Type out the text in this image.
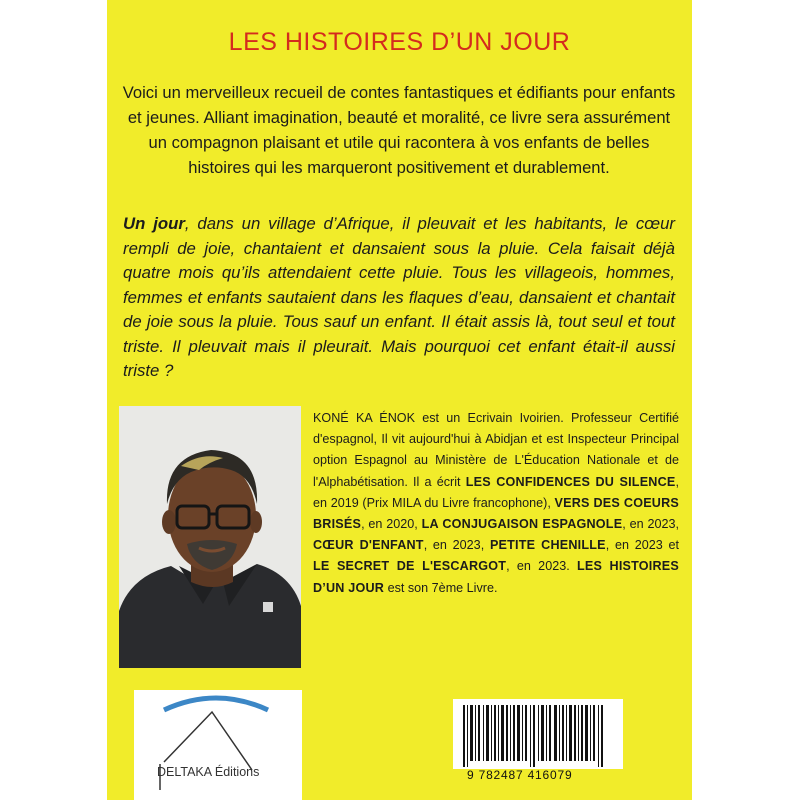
LES HISTOIRES D’UN JOUR
Voici un merveilleux recueil de contes fantastiques et édifiants pour enfants et jeunes. Alliant imagination, beauté et moralité, ce livre sera assurément un compagnon plaisant et utile qui racontera à vos enfants de belles histoires qui les marqueront positivement et durablement.
Un jour, dans un village d’Afrique, il pleuvait et les habitants, le cœur rempli de joie, chantaient et dansaient sous la pluie. Cela faisait déjà quatre mois qu’ils attendaient cette pluie. Tous les villageois, hommes, femmes et enfants sautaient dans les flaques d’eau, dansaient et chantait de joie sous la pluie. Tous sauf un enfant. Il était assis là, tout seul et tout triste. Il pleuvait mais il pleurait. Mais pourquoi cet enfant était-il aussi triste ?
KONÉ KA ÉNOK est un Ecrivain Ivoirien. Professeur Certifié d'espagnol, Il vit aujourd'hui à Abidjan et est Inspecteur Principal option Espagnol au Ministère de L'Éducation Nationale et de l'Alphabétisation. Il a écrit LES CONFIDENCES DU SILENCE, en 2019 (Prix MILA du Livre francophone), VERS DES COEURS BRISÉS, en 2020, LA CONJUGAISON ESPAGNOLE, en 2023, CŒUR D'ENFANT, en 2023, PETITE CHENILLE, en 2023 et LE SECRET DE L'ESCARGOT, en 2023. LES HISTOIRES D’UN JOUR est son 7ème Livre.
DELTAKA Éditions	9 782487 416079
